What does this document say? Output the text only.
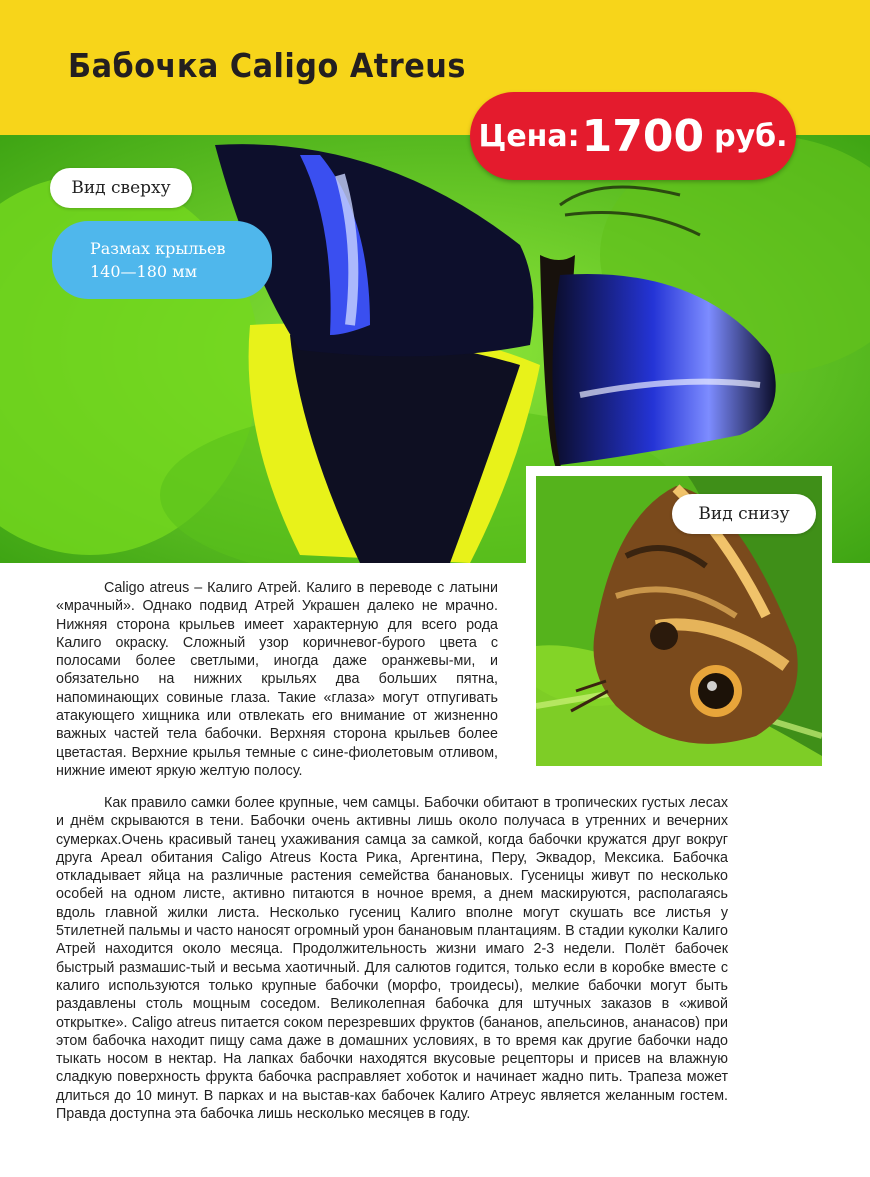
Бабочка Caligo Atreus
Цена: 1700 руб.
Вид сверху
Размах крыльев
140—180 мм
Вид снизу

Caligo atreus – Калиго Атрей. Калиго в переводе с латыни «мрачный». Однако подвид Атрей Украшен далеко не мрачно. Нижняя сторона крыльев имеет характерную для всего рода Калиго окраску. Сложный узор коричневог-бурого цвета с полосами более светлыми, иногда даже оранжевы-ми, и обязательно на нижних крыльях два больших пятна, напоминающих совиные глаза. Такие «глаза» могут отпугивать атакующего хищника или отвлекать его внимание от жизненно важных частей тела бабочки. Верхняя сторона крыльев более цветастая. Верхние крылья темные с сине-фиолетовым отливом, нижние имеют яркую желтую полосу.

Как правило самки более крупные, чем самцы. Бабочки обитают в тропических густых лесах и днём скрываются в тени. Бабочки очень активны лишь около получаса в утренних и вечерних сумерках.Очень красивый танец ухаживания самца за самкой, когда бабочки кружатся друг вокруг друга Ареал обитания Caligo Atreus Коста Рика, Аргентина, Перу, Эквадор, Мексика. Бабочка откладывает яйца на различные растения семейства банановых. Гусеницы живут по несколько особей на одном листе, активно питаются в ночное время, а днем маскируются, располагаясь вдоль главной жилки листа. Несколько гусениц Калиго вполне могут скушать все листья у 5тилетней пальмы и часто наносят огромный урон банановым плантациям. В стадии куколки Калиго Атрей находится около месяца. Продолжительность жизни имаго 2-3 недели. Полёт бабочек быстрый размашис-тый и весьма хаотичный. Для салютов годится, только если в коробке вместе с калиго используются только крупные бабочки (морфо, троидесы), мелкие бабочки могут быть раздавлены столь мощным соседом. Великолепная бабочка для штучных заказов в «живой открытке». Caligo atreus питается соком перезревших фруктов (бананов, апельсинов, ананасов) при этом бабочка находит пищу сама даже в домашних условиях, в то время как другие бабочки надо тыкать носом в нектар. На лапках бабочки находятся вкусовые рецепторы и присев на влажную сладкую поверхность фрукта бабочка расправляет хоботок и начинает жадно пить. Трапеза может длиться до 10 минут. В парках и на выстав-ках бабочек Калиго Атреус является желанным гостем. Правда доступна эта бабочка лишь несколько месяцев в году.
